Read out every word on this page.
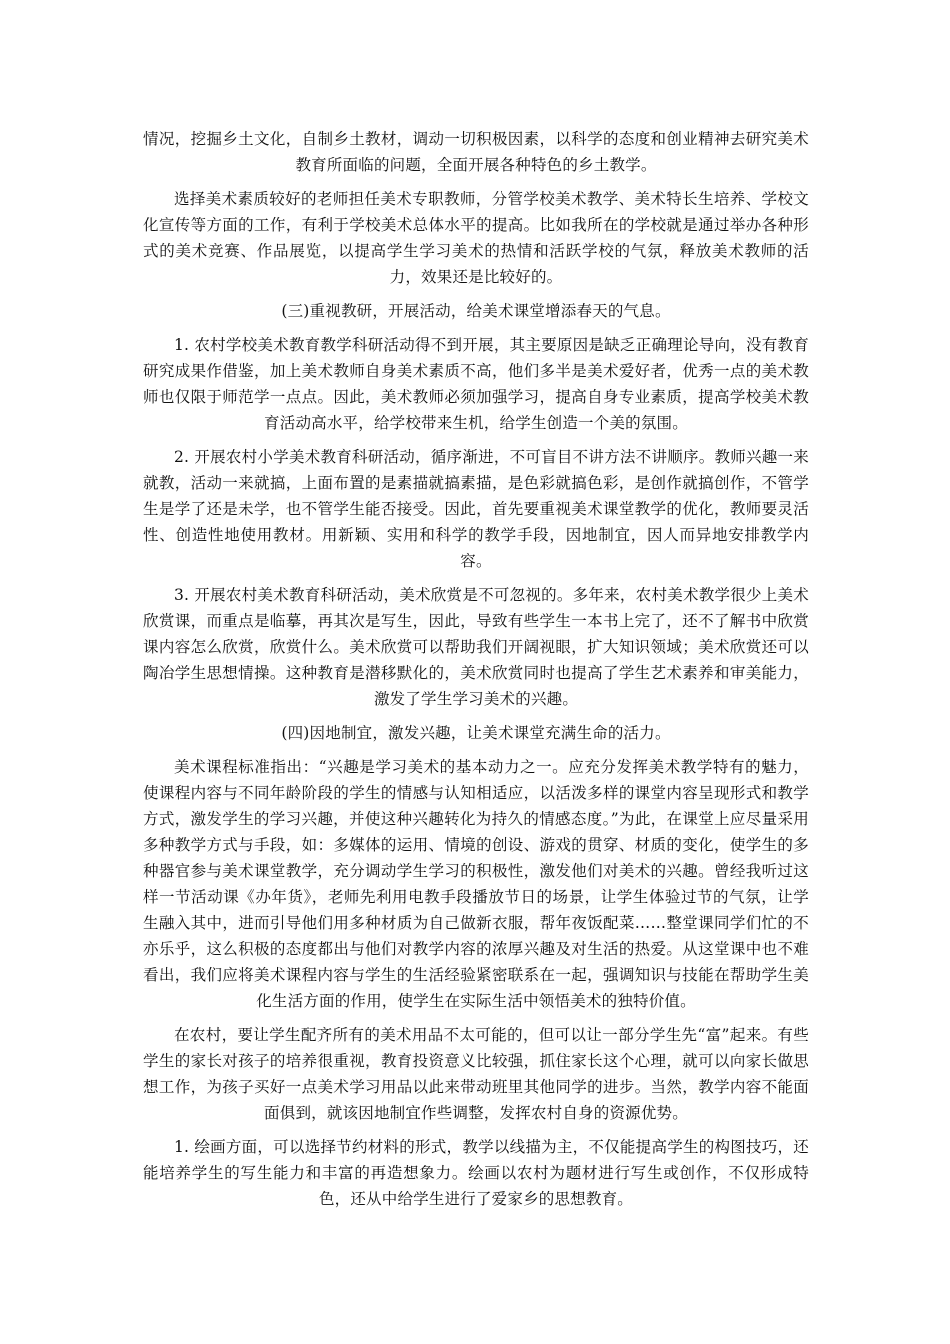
情况，挖掘乡土文化，自制乡土教材，调动一切积极因素，以科学的态度和创业精神去研究美术教育所面临的问题，全面开展各种特色的乡土教学。

选择美术素质较好的老师担任美术专职教师，分管学校美术教学、美术特长生培养、学校文化宣传等方面的工作，有利于学校美术总体水平的提高。比如我所在的学校就是通过举办各种形式的美术竞赛、作品展览，以提高学生学习美术的热情和活跃学校的气氛，释放美术教师的活力，效果还是比较好的。

(三)重视教研，开展活动，给美术课堂增添春天的气息。

1. 农村学校美术教育教学科研活动得不到开展，其主要原因是缺乏正确理论导向，没有教育研究成果作借鉴，加上美术教师自身美术素质不高，他们多半是美术爱好者，优秀一点的美术教师也仅限于师范学一点点。因此，美术教师必须加强学习，提高自身专业素质，提高学校美术教育活动高水平，给学校带来生机，给学生创造一个美的氛围。

2. 开展农村小学美术教育科研活动，循序渐进，不可盲目不讲方法不讲顺序。教师兴趣一来就教，活动一来就搞，上面布置的是素描就搞素描，是色彩就搞色彩，是创作就搞创作，不管学生是学了还是未学，也不管学生能否接受。因此，首先要重视美术课堂教学的优化，教师要灵活性、创造性地使用教材。用新颖、实用和科学的教学手段，因地制宜，因人而异地安排教学内容。

3. 开展农村美术教育科研活动，美术欣赏是不可忽视的。多年来，农村美术教学很少上美术欣赏课，而重点是临摹，再其次是写生，因此，导致有些学生一本书上完了，还不了解书中欣赏课内容怎么欣赏，欣赏什么。美术欣赏可以帮助我们开阔视眼，扩大知识领域；美术欣赏还可以陶冶学生思想情操。这种教育是潜移默化的，美术欣赏同时也提高了学生艺术素养和审美能力，激发了学生学习美术的兴趣。

(四)因地制宜，激发兴趣，让美术课堂充满生命的活力。

美术课程标准指出：“兴趣是学习美术的基本动力之一。应充分发挥美术教学特有的魅力，使课程内容与不同年龄阶段的学生的情感与认知相适应，以活泼多样的课堂内容呈现形式和教学方式，激发学生的学习兴趣，并使这种兴趣转化为持久的情感态度。”为此，在课堂上应尽量采用多种教学方式与手段，如：多媒体的运用、情境的创设、游戏的贯穿、材质的变化，使学生的多种器官参与美术课堂教学，充分调动学生学习的积极性，激发他们对美术的兴趣。曾经我听过这样一节活动课《办年货》，老师先利用电教手段播放节日的场景，让学生体验过节的气氛，让学生融入其中，进而引导他们用多种材质为自己做新衣服，帮年夜饭配菜……整堂课同学们忙的不亦乐乎，这么积极的态度都出与他们对教学内容的浓厚兴趣及对生活的热爱。从这堂课中也不难看出，我们应将美术课程内容与学生的生活经验紧密联系在一起，强调知识与技能在帮助学生美化生活方面的作用，使学生在实际生活中领悟美术的独特价值。

在农村，要让学生配齐所有的美术用品不太可能的，但可以让一部分学生先“富”起来。有些学生的家长对孩子的培养很重视，教育投资意义比较强，抓住家长这个心理，就可以向家长做思想工作，为孩子买好一点美术学习用品以此来带动班里其他同学的进步。当然，教学内容不能面面俱到，就该因地制宜作些调整，发挥农村自身的资源优势。

1. 绘画方面，可以选择节约材料的形式，教学以线描为主，不仅能提高学生的构图技巧，还能培养学生的写生能力和丰富的再造想象力。绘画以农村为题材进行写生或创作，不仅形成特色，还从中给学生进行了爱家乡的思想教育。
